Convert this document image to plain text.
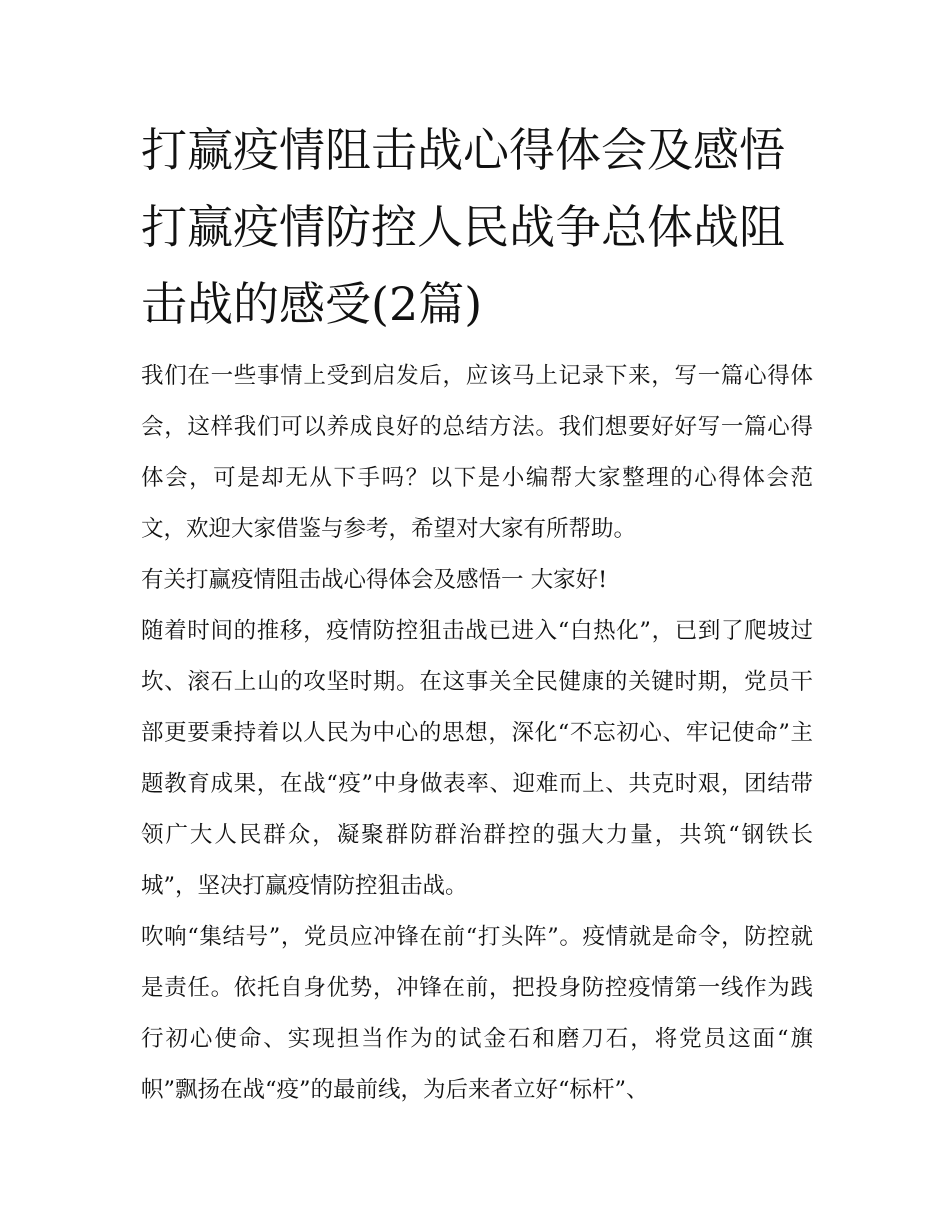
打赢疫情阻击战心得体会及感悟 打赢疫情防控人民战争总体战阻击战的感受(2篇)

我们在一些事情上受到启发后，应该马上记录下来，写一篇心得体会，这样我们可以养成良好的总结方法。我们想要好好写一篇心得体会，可是却无从下手吗？以下是小编帮大家整理的心得体会范文，欢迎大家借鉴与参考，希望对大家有所帮助。

有关打赢疫情阻击战心得体会及感悟一 大家好!

随着时间的推移，疫情防控狙击战已进入“白热化”，已到了爬坡过坎、滚石上山的攻坚时期。在这事关全民健康的关键时期，党员干部更要秉持着以人民为中心的思想，深化“不忘初心、牢记使命”主题教育成果，在战“疫”中身做表率、迎难而上、共克时艰，团结带领广大人民群众，凝聚群防群治群控的强大力量，共筑“钢铁长城”，坚决打赢疫情防控狙击战。

吹响“集结号”，党员应冲锋在前“打头阵”。疫情就是命令，防控就是责任。依托自身优势，冲锋在前，把投身防控疫情第一线作为践行初心使命、实现担当作为的试金石和磨刀石，将党员这面“旗帜”飘扬在战“疫”的最前线，为后来者立好“标杆”、
